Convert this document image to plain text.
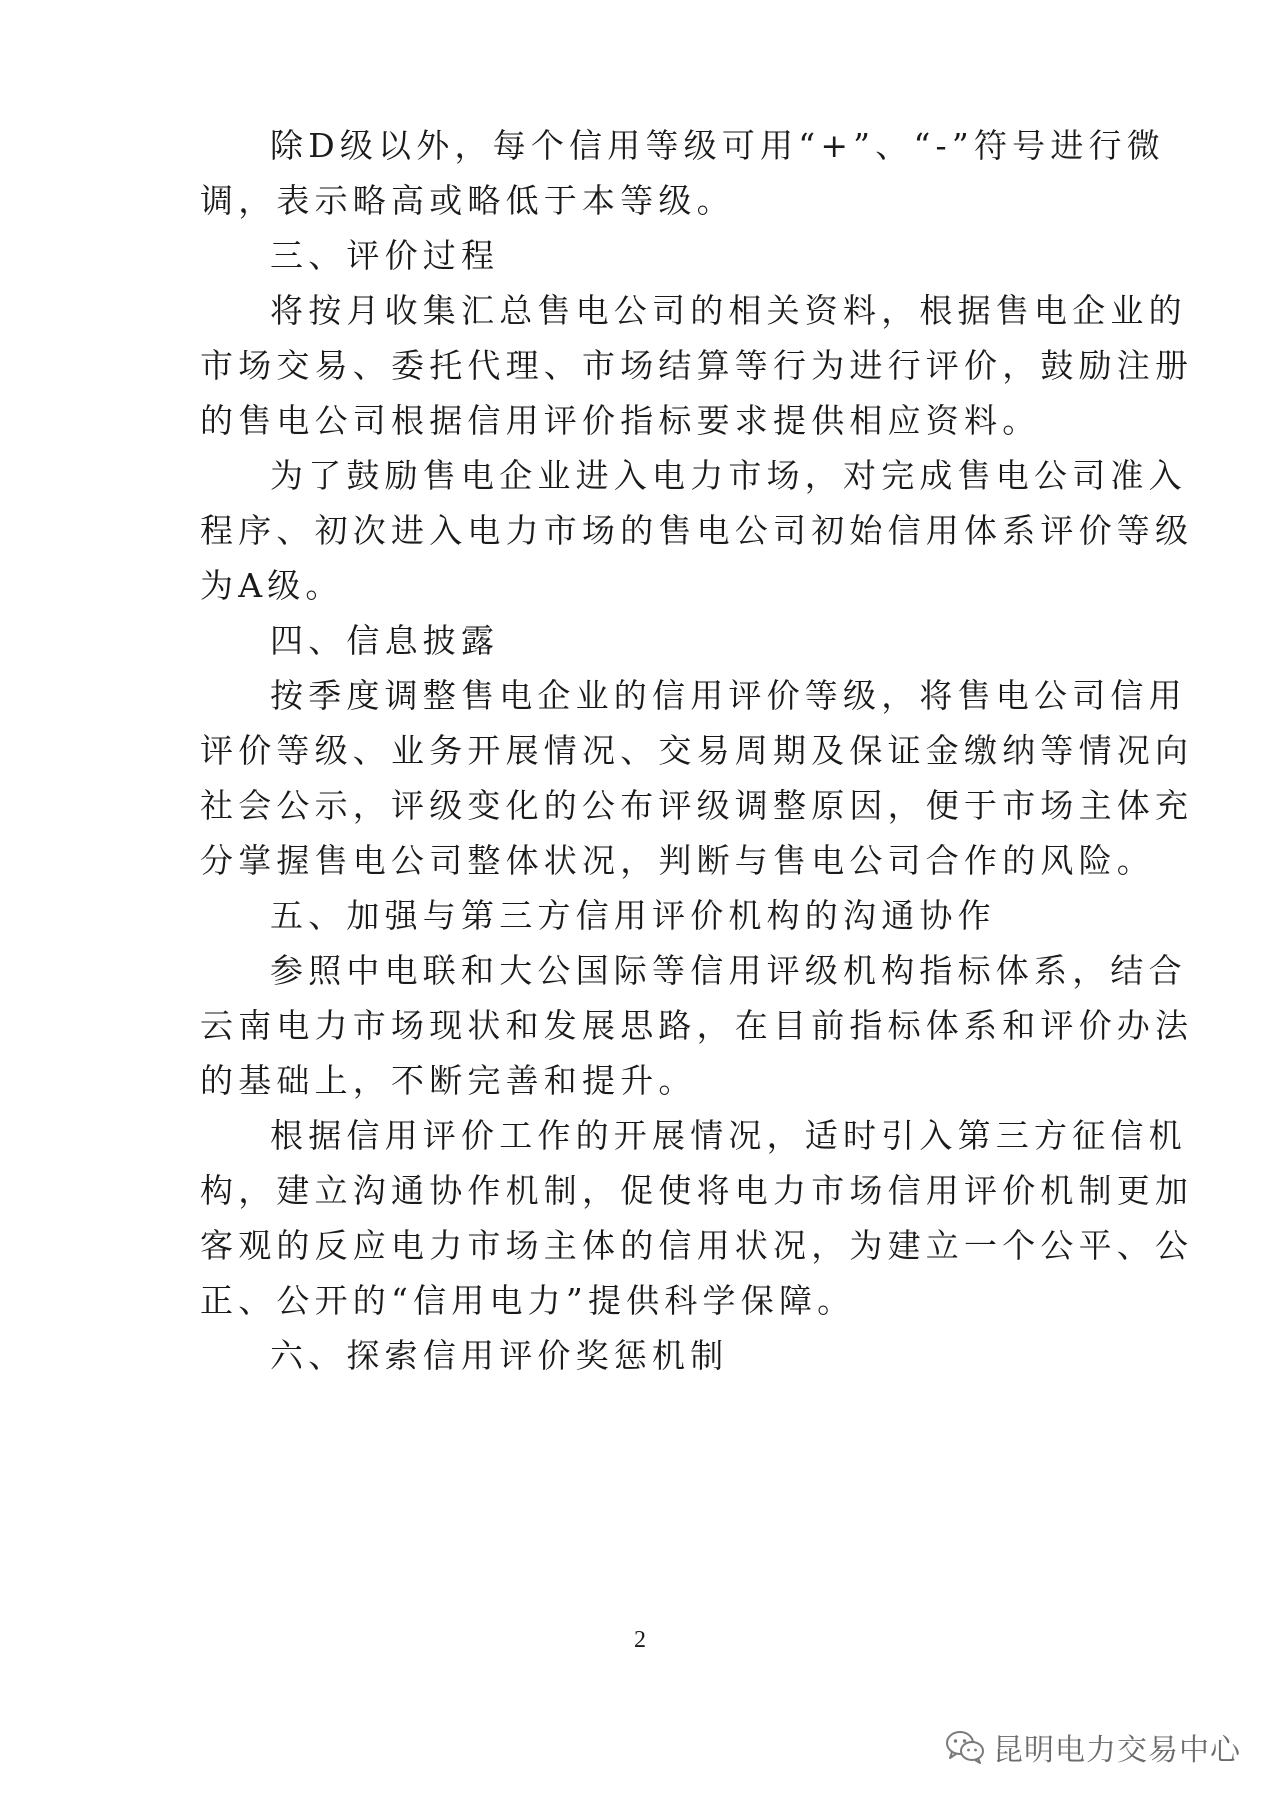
除D级以外，每个信用等级可用“+”、“-”符号进行微
调，表示略高或略低于本等级。
三、评价过程
将按月收集汇总售电公司的相关资料，根据售电企业的
市场交易、委托代理、市场结算等行为进行评价，鼓励注册
的售电公司根据信用评价指标要求提供相应资料。
为了鼓励售电企业进入电力市场，对完成售电公司准入
程序、初次进入电力市场的售电公司初始信用体系评价等级
为A级。
四、信息披露
按季度调整售电企业的信用评价等级，将售电公司信用
评价等级、业务开展情况、交易周期及保证金缴纳等情况向
社会公示，评级变化的公布评级调整原因，便于市场主体充
分掌握售电公司整体状况，判断与售电公司合作的风险。
五、加强与第三方信用评价机构的沟通协作
参照中电联和大公国际等信用评级机构指标体系，结合
云南电力市场现状和发展思路，在目前指标体系和评价办法
的基础上，不断完善和提升。
根据信用评价工作的开展情况，适时引入第三方征信机
构，建立沟通协作机制，促使将电力市场信用评价机制更加
客观的反应电力市场主体的信用状况，为建立一个公平、公
正、公开的“信用电力”提供科学保障。
六、探索信用评价奖惩机制
2
昆明电力交易中心
